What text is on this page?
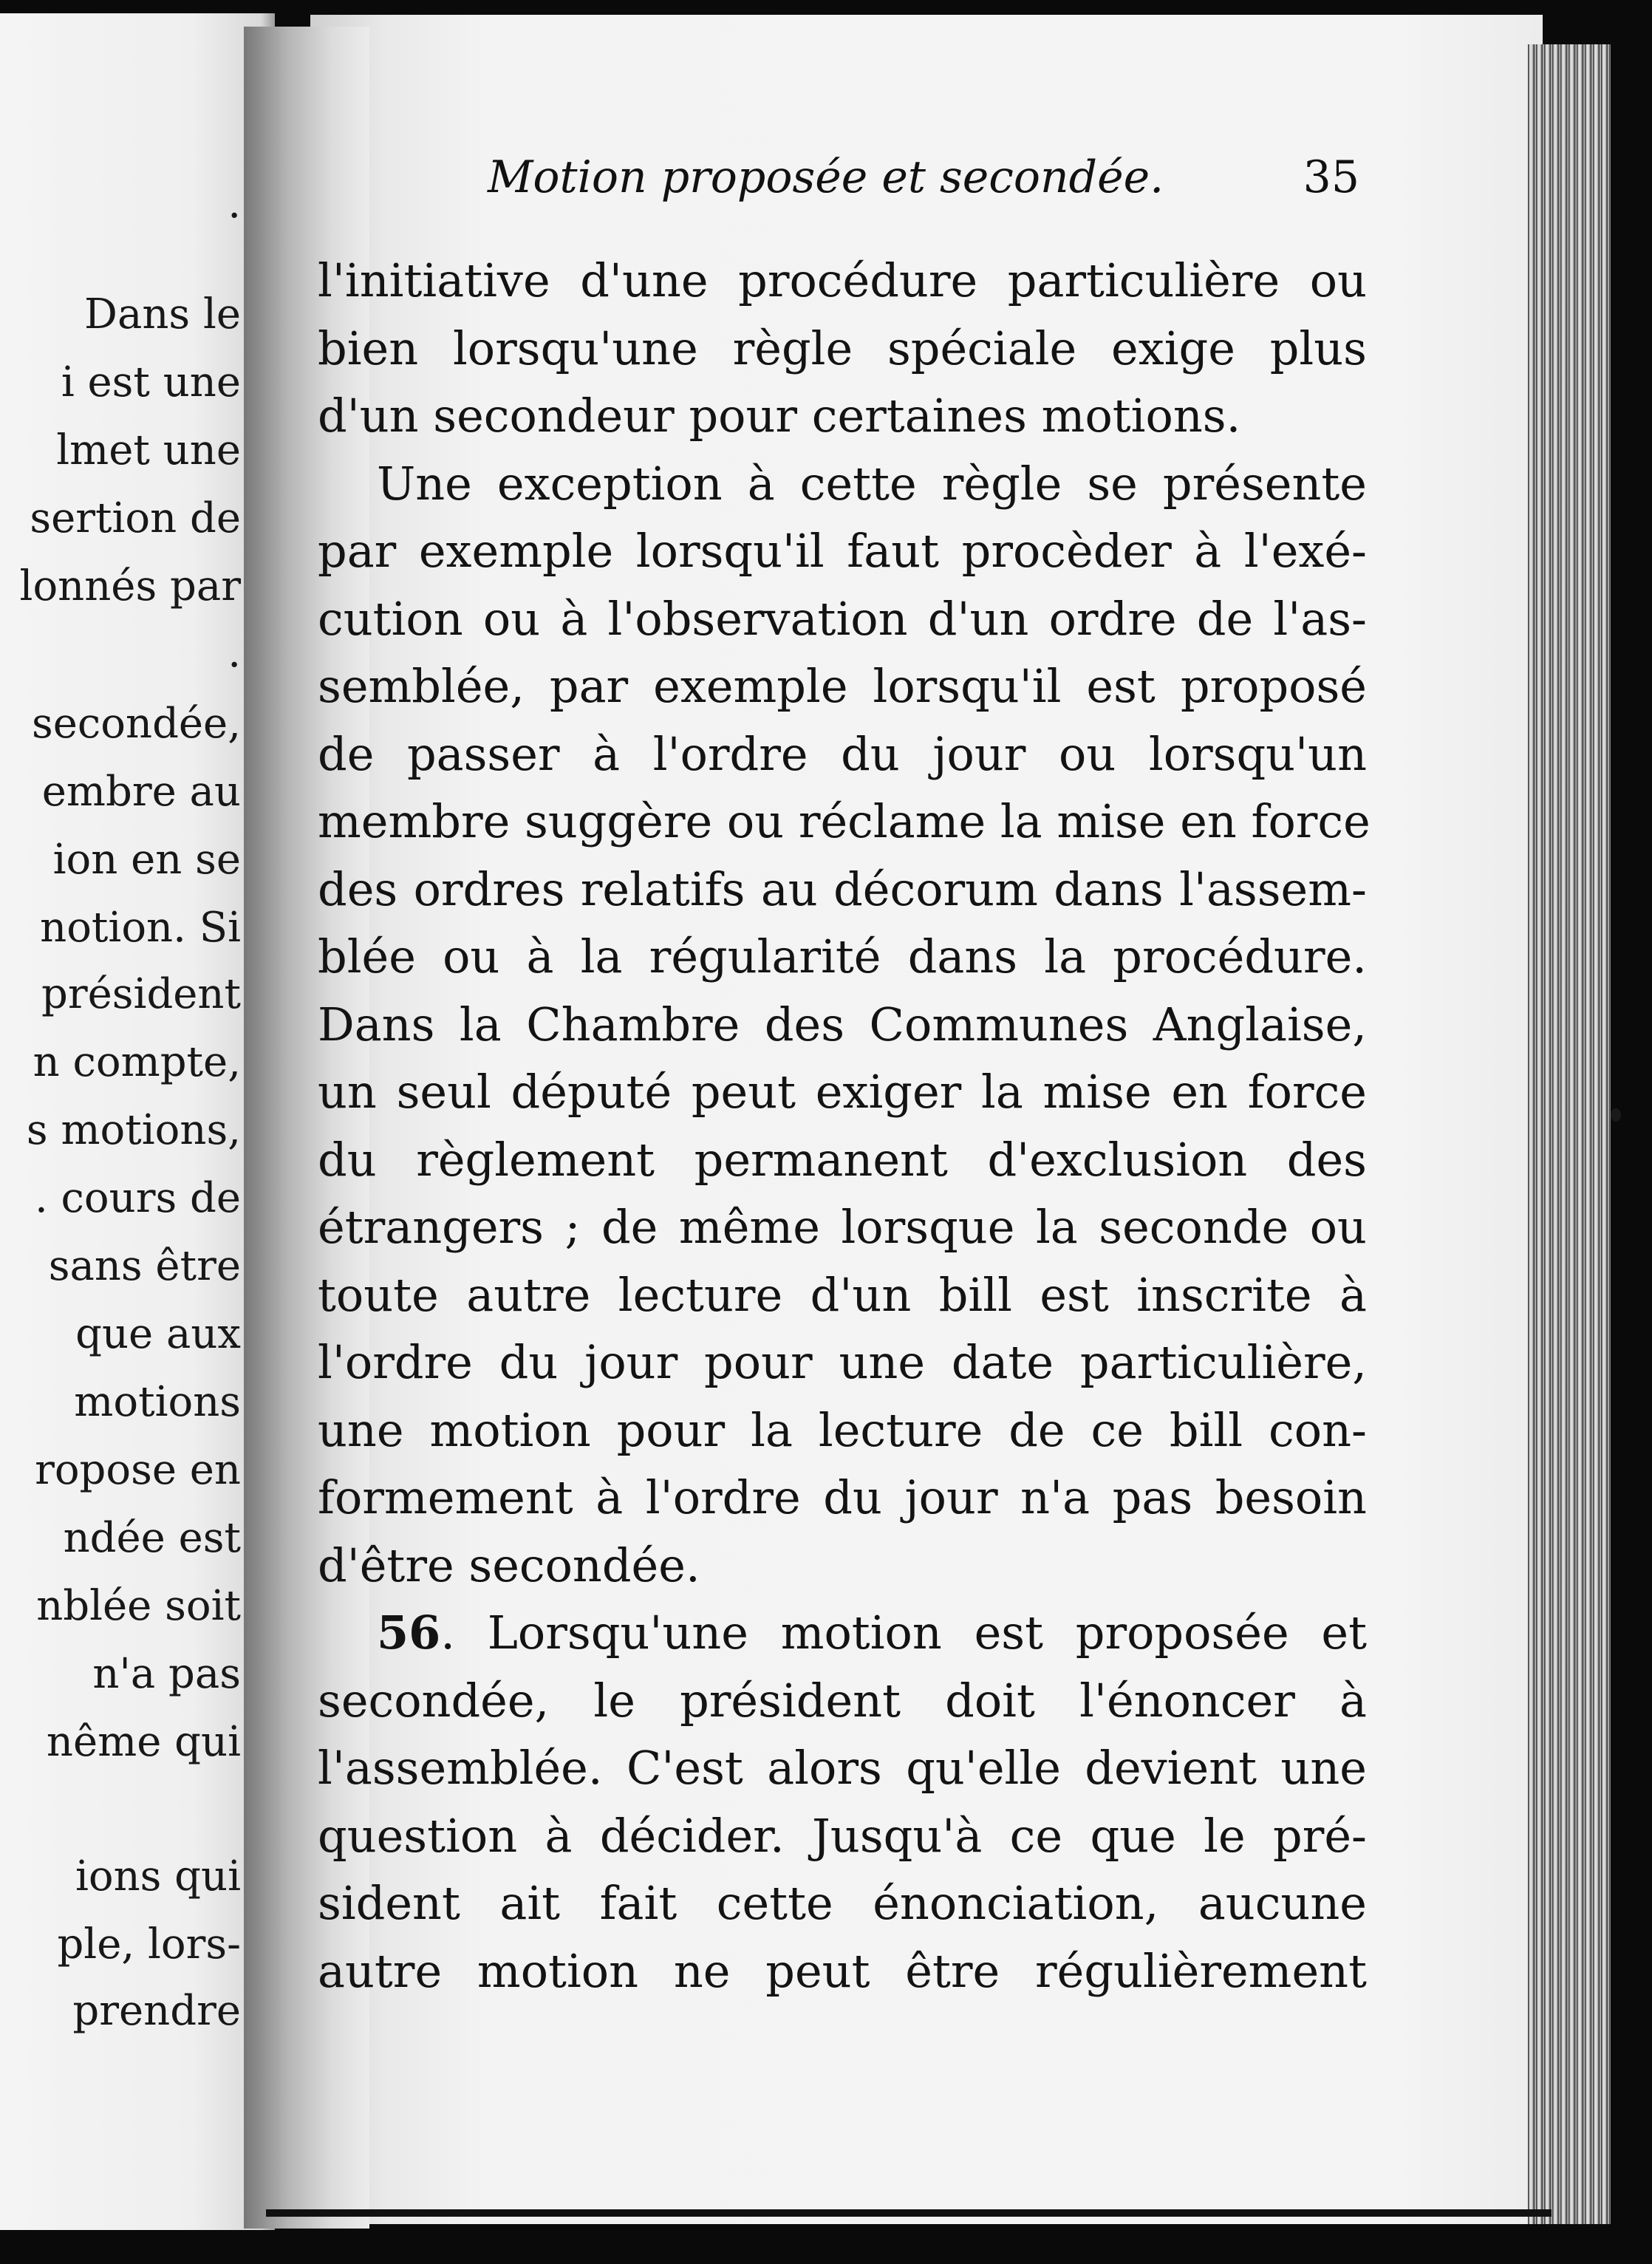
.
Dans le
i est une
lmet une
sertion de
lonnés par
.
secondée,
embre au
ion en se
notion. Si
président
n compte,
s motions,
. cours de
sans être
que aux
motions
ropose en
ndée est
nblée soit
n'a pas
nême qui
ions qui
ple, lors-
prendre
Motion proposée et secondée.	35
l'initiative d'une procédure particulière ou
bien lorsqu'une règle spéciale exige plus
d'un secondeur pour certaines motions.
Une exception à cette règle se présente
par exemple lorsqu'il faut procèder à l'exé-
cution ou à l'observation d'un ordre de l'as-
semblée, par exemple lorsqu'il est proposé
de passer à l'ordre du jour ou lorsqu'un
membre suggère ou réclame la mise en force
des ordres relatifs au décorum dans l'assem-
blée ou à la régularité dans la procédure.
Dans la Chambre des Communes Anglaise,
un seul député peut exiger la mise en force
du règlement permanent d'exclusion des
étrangers ; de même lorsque la seconde ou
toute autre lecture d'un bill est inscrite à
l'ordre du jour pour une date particulière,
une motion pour la lecture de ce bill con-
formement à l'ordre du jour n'a pas besoin
d'être secondée.
56. Lorsqu'une motion est proposée et
secondée, le président doit l'énoncer à
l'assemblée. C'est alors qu'elle devient une
question à décider. Jusqu'à ce que le pré-
sident ait fait cette énonciation, aucune
autre motion ne peut être régulièrement
